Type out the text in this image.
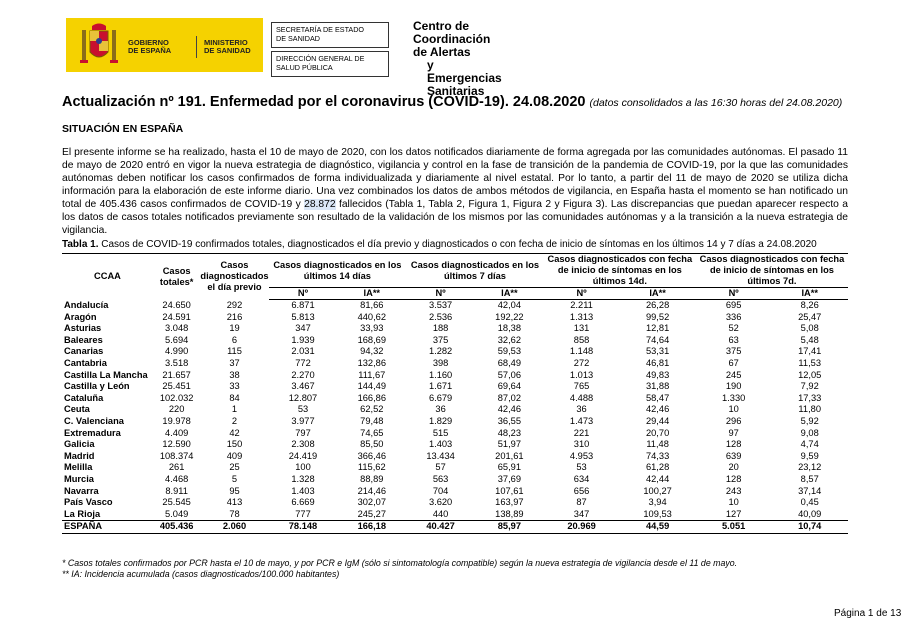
GOBIERNO
DE ESPAÑA
MINISTERIO
DE SANIDAD
SECRETARÍA DE ESTADO
DE SANIDAD
DIRECCIÓN GENERAL DE
SALUD PÚBLICA
Centro de Coordinación de Alertas
y Emergencias Sanitarias
Actualización nº 191. Enfermedad por el coronavirus (COVID-19). 24.08.2020 (datos consolidados a las 16:30 horas del 24.08.2020)
SITUACIÓN EN ESPAÑA
El presente informe se ha realizado, hasta el 10 de mayo de 2020, con los datos notificados diariamente de forma agregada por las comunidades autónomas. El pasado 11 de mayo de 2020 entró en vigor la nueva estrategia de diagnóstico, vigilancia y control en la fase de transición de la pandemia de COVID-19, por la que las comunidades autónomas deben notificar los casos confirmados de forma individualizada y diariamente al nivel estatal. Por lo tanto, a partir del 11 de mayo de 2020 se utiliza dicha información para la elaboración de este informe diario. Una vez combinados los datos de ambos métodos de vigilancia, en España hasta el momento se han notificado un total de 405.436 casos confirmados de COVID-19 y 28.872 fallecidos (Tabla 1, Tabla 2, Figura 1, Figura 2 y Figura 3). Las discrepancias que puedan aparecer respecto a los datos de casos totales notificados previamente son resultado de la validación de los mismos por las comunidades autónomas y a la transición a la nueva estrategia de vigilancia.
Tabla 1. Casos de COVID-19 confirmados totales, diagnosticados el día previo y diagnosticados o con fecha de inicio de síntomas en los últimos 14 y 7 días a 24.08.2020
CCAA	Casos totales*	Casos diagnosticados el día previo	Casos diagnosticados en los últimos 14 días		Casos diagnosticados en los últimos 7 días		Casos diagnosticados con fecha de inicio de síntomas en los últimos 14d.		Casos diagnosticados con fecha de inicio de síntomas en los últimos 7d.	
			Nº	IA**	Nº	IA**	Nº	IA**	Nº	IA**
Andalucía	24.650	292	6.871	81,66	3.537	42,04	2.211	26,28	695	8,26
Aragón	24.591	216	5.813	440,62	2.536	192,22	1.313	99,52	336	25,47
Asturias	3.048	19	347	33,93	188	18,38	131	12,81	52	5,08
Baleares	5.694	6	1.939	168,69	375	32,62	858	74,64	63	5,48
Canarias	4.990	115	2.031	94,32	1.282	59,53	1.148	53,31	375	17,41
Cantabria	3.518	37	772	132,86	398	68,49	272	46,81	67	11,53
Castilla La Mancha	21.657	38	2.270	111,67	1.160	57,06	1.013	49,83	245	12,05
Castilla y León	25.451	33	3.467	144,49	1.671	69,64	765	31,88	190	7,92
Cataluña	102.032	84	12.807	166,86	6.679	87,02	4.488	58,47	1.330	17,33
Ceuta	220	1	53	62,52	36	42,46	36	42,46	10	11,80
C. Valenciana	19.978	2	3.977	79,48	1.829	36,55	1.473	29,44	296	5,92
Extremadura	4.409	42	797	74,65	515	48,23	221	20,70	97	9,08
Galicia	12.590	150	2.308	85,50	1.403	51,97	310	11,48	128	4,74
Madrid	108.374	409	24.419	366,46	13.434	201,61	4.953	74,33	639	9,59
Melilla	261	25	100	115,62	57	65,91	53	61,28	20	23,12
Murcia	4.468	5	1.328	88,89	563	37,69	634	42,44	128	8,57
Navarra	8.911	95	1.403	214,46	704	107,61	656	100,27	243	37,14
País Vasco	25.545	413	6.669	302,07	3.620	163,97	87	3,94	10	0,45
La Rioja	5.049	78	777	245,27	440	138,89	347	109,53	127	40,09
ESPAÑA	405.436	2.060	78.148	166,18	40.427	85,97	20.969	44,59	5.051	10,74
* Casos totales confirmados por PCR hasta el 10 de mayo, y por PCR e IgM (sólo si sintomatología compatible) según la nueva estrategia de vigilancia desde el 11 de mayo.
** IA: Incidencia acumulada (casos diagnosticados/100.000 habitantes)
Página 1 de 13
